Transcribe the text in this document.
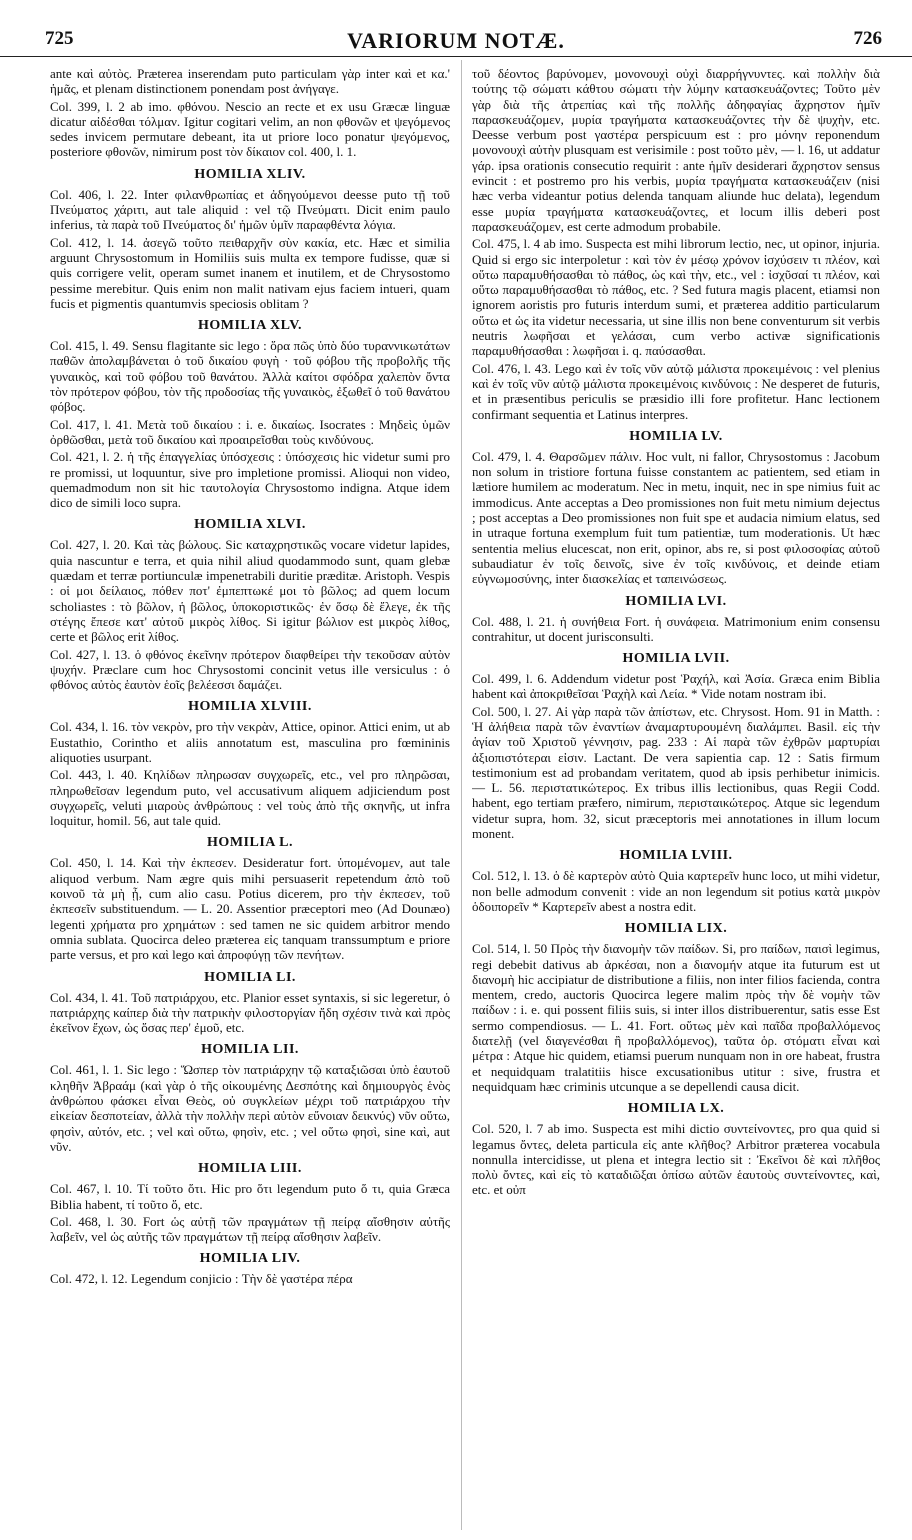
725	VARIORUM NOTÆ.	726

ante καὶ αὐτὸς. Præterea inserendam puto particulam γὰρ inter καὶ et κα.' ἡμᾶς, et plenam distinctionem ponendam post ἀνήγαγε.

Col. 399, l. 2 ab imo. φθόνου. Nescio an recte et ex usu Græcæ linguæ dicatur αἰδέσθαι τόλμαν. Igitur cogitari velim, an non φθονῶν et ψεγόμενος sedes invicem permutare debeant, ita ut priore loco ponatur ψεγόμενος, posteriore φθονῶν, nimirum post τὸν δίκαιον col. 400, l. 1.

HOMILIA XLIV.

Col. 406, l. 22. Inter φιλανθρωπίας et ἀδηγούμενοι deesse puto τῇ τοῦ Πνεύματος χάριτι, aut tale aliquid : vel τῷ Πνεύματι. Dicit enim paulo inferius, τὰ παρὰ τοῦ Πνεύματος δι' ἡμῶν ὑμῖν παραφθέντα λόγια.

Col. 412, l. 14. ἀσεγῶ τοῦτο πειθαρχῆν σὺν κακία, etc. Hæc et similia arguunt Chrysostomum in Homiliis suis multa ex tempore fudisse, quæ si quis corrigere velit, operam sumet inanem et inutilem, et de Chrysostomo pessime merebitur. Quis enim non malit nativam ejus faciem intueri, quam fucis et pigmentis quantumvis speciosis oblitam ?

HOMILIA XLV.

Col. 415, l. 49. Sensu flagitante sic lego : ὅρα πῶς ὑπὸ δύο τυραννικωτάτων παθῶν ἀπολαμβάνεται ὁ τοῦ δικαίου φυγὴ · τοῦ φόβου τῆς προβολῆς τῆς γυναικὸς, καὶ τοῦ φόβου τοῦ θανάτου. Ἀλλὰ καίτοι σφόδρα χαλεπὸν ὄντα τὸν πρότερον φόβου, τὸν τῆς προδοσίας τῆς γυναικὸς, ἐξωθεῖ ὁ τοῦ θανάτου φόβος.

Col. 417, l. 41. Μετὰ τοῦ δικαίου : i. e. δικαίως. Isocrates : Μηδεὶς ὑμῶν ὀρθῶσθαι, μετὰ τοῦ δικαίου καὶ προαιρεῖσθαι τοὺς κινδύνους.

Col. 421, l. 2. ἡ τῆς ἐπαγγελίας ὑπόσχεσις : ὑπόσχεσις hic videtur sumi pro re promissi, ut loquuntur, sive pro impletione promissi. Alioqui non video, quemadmodum non sit hic ταυτολογία Chrysostomo indigna. Atque idem dico de simili loco supra.

HOMILIA XLVI.

Col. 427, l. 20. Καὶ τὰς βώλους. Sic καταχρηστικῶς vocare videtur lapides, quia nascuntur e terra, et quia nihil aliud quodammodo sunt, quam glebæ quædam et terræ portiunculæ impenetrabili duritie præditæ. Aristoph. Vespis : οἱ μοι δείλαιος, πόθεν ποτ' ἐμπεπτωκέ μοι τὸ βῶλος; ad quem locum scholiastes : τὸ βῶλον, ἡ βῶλος, ὑποκοριστικῶς· ἐν ὅσῳ δὲ ἔλεγε, ἐκ τῆς στέγης ἔπεσε κατ' αὐτοῦ μικρὸς λίθος. Si igitur βώλιον est μικρὸς λίθος, certe et βῶλος erit λίθος.

Col. 427, l. 13. ὁ φθόνος ἐκεῖνην πρότερον διαφθείρει τὴν τεκοῦσαν αὐτὸν ψυχήν. Præclare cum hoc Chrysostomi concinit vetus ille versiculus : ὁ φθόνος αὐτὸς ἑαυτὸν ἑοῖς βελέεσσι δαμάζει.

HOMILIA XLVIII.

Col. 434, l. 16. τὸν νεκρὸν, pro τὴν νεκρὰν, Attice, opinor. Attici enim, ut ab Eustathio, Corintho et aliis annotatum est, masculina pro fœmininis aliquoties usurpant.

Col. 443, l. 40. Κηλίδων πληρωσαν συγχωρεῖς, etc., vel pro πληρῶσαι, πληρωθεῖσαν legendum puto, vel accusativum aliquem adjiciendum post συγχωρεῖς, veluti μιαροὺς ἀνθρώπους : vel τοὺς ἀπὸ τῆς σκηνῆς, ut infra loquitur, homil. 56, aut tale quid.

HOMILIA L.

Col. 450, l. 14. Καὶ τὴν ἐκπεσεν. Desideratur fort. ὑπομένομεν, aut tale aliquod verbum. Nam ægre quis mihi persuaserit repetendum ἀπὸ τοῦ κοινοῦ τὰ μὴ ᾖ, cum alio casu. Potius dicerem, pro τὴν ἐκπεσεν, τοῦ ἐκπεσεῖν substituendum. — L. 20. Assentior præceptori meo (Ad Dounæo) legenti χρήματα pro χρημάτων : sed tamen ne sic quidem arbitror mendo omnia sublata. Quocirca deleo præterea εἰς tanquam transsumptum e priore parte versus, et pro καὶ lego καὶ ἀπροφύγῃ τῶν πενήτων.

HOMILIA LI.

Col. 434, l. 41. Τοῦ πατριάρχου, etc. Planior esset syntaxis, si sic legeretur, ὁ πατριάρχης καίπερ διὰ τὴν πατρικὴν φιλοστοργίαν ἤδη σχέσιν τινὰ καὶ πρὸς ἐκεῖνον ἔχων, ὡς ὅσας περ' ἐμοῦ, etc.

HOMILIA LII.

Col. 461, l. 1. Sic lego : Ὥσπερ τὸν πατριάρχην τῷ καταξιῶσαι ὑπὸ ἑαυτοῦ κληθῆν Ἀβραάμ (καὶ γὰρ ὁ τῆς οἰκουμένης Δεσπότης καὶ δημιουργὸς ἑνὸς ἀνθρώπου φάσκει εἶναι Θεὸς, οὐ συγκλείων μέχρι τοῦ πατριάρχου τὴν εἰκείαν δεσποτείαν, ἀλλὰ τὴν πολλὴν περὶ αὐτὸν εὔνοιαν δεικνύς) νῦν οὕτω, φησὶν, αὐτόν, etc. ; vel καὶ οὕτω, φησὶν, etc. ; vel οὕτω φησὶ, sine καὶ, aut νῦν.

HOMILIA LIII.

Col. 467, l. 10. Τί τοῦτο ὅτι. Hic pro ὅτι legendum puto ὅ τι, quia Græca Biblia habent, τί τοῦτο ὅ, etc.

Col. 468, l. 30. Fort ὡς αὐτῇ τῶν πραγμάτων τῇ πείρᾳ αἴσθησιν αὐτῆς λαβεῖν, vel ὡς αὐτῆς τῶν πραγμάτων τῇ πείρᾳ αἴσθησιν λαβεῖν.

HOMILIA LIV.

Col. 472, l. 12. Legendum conjicio : Τὴν δὲ γαστέρα πέρα

τοῦ δέοντος βαρύνομεν, μονονουχὶ οὐχὶ διαρρήγνυντες. καὶ πολλὴν διὰ τούτης τῷ σώματι κάθτου σώματι τὴν λύμην κατασκευάζοντες; Τοῦτο μὲν γὰρ διὰ τῆς ἀτρεπίας καὶ τῆς πολλῆς ἀδηφαγίας ἄχρηστον ἡμῖν παρασκευάζομεν, μυρία τραγήματα κατασκευάζοντες τὴν δὲ ψυχὴν, etc. Deesse verbum post γαστέρα perspicuum est : pro μόνην reponendum μονονουχὶ αὐτὴν plusquam est verisimile : post τοῦτο μὲν, — l. 16, ut addatur γάρ. ipsa orationis consecutio requirit : ante ἡμῖν desiderari ἄχρηστον sensus evincit : et postremo pro his verbis, μυρία τραγήματα κατασκευάζειν (nisi hæc verba videantur potius delenda tanquam aliunde huc delata), legendum esse μυρία τραγήματα κατασκευάζοντες, et locum illis deberi post παρασκευάζομεν, est certe admodum probabile.

Col. 475, l. 4 ab imo. Suspecta est mihi librorum lectio, nec, ut opinor, injuria. Quid si ergo sic interpoletur : καὶ τὸν ἐν μέσῳ χρόνον ἰσχύσειν τι πλέον, καὶ οὕτω παραμυθήσασθαι τὸ πάθος, ὡς καὶ τὴν, etc., vel : ἰσχῦσαί τι πλέον, καὶ οὕτω παραμυθήσασθαι τὸ πάθος, etc. ? Sed futura magis placent, etiamsi non ignorem aoristis pro futuris interdum sumi, et præterea additio particularum οὕτω et ὡς ita videtur necessaria, ut sine illis non bene conventurum sit verbis neutris λωφῆσαι et γελάσαι, cum verbo activæ significationis παραμυθήσασθαι : λωφῆσαι i. q. παύσασθαι.

Col. 476, l. 43. Lego καὶ ἐν τοῖς νῦν αὐτῷ μάλιστα προκειμένοις : vel plenius καὶ ἐν τοῖς νῦν αὐτῷ μάλιστα προκειμένοις κινδύνοις : Ne desperet de futuris, et in præsentibus periculis se præsidio illi fore profitetur. Hanc lectionem confirmant sequentia et Latinus interpres.

HOMILIA LV.

Col. 479, l. 4. Θαρσῶμεν πάλιν. Hoc vult, ni fallor, Chrysostomus : Jacobum non solum in tristiore fortuna fuisse constantem ac patientem, sed etiam in lætiore humilem ac moderatum. Nec in metu, inquit, nec in spe nimius fuit ac immodicus. Ante acceptas a Deo promissiones non fuit metu nimium dejectus ; post acceptas a Deo promissiones non fuit spe et audacia nimium elatus, sed in utraque fortuna exemplum fuit tum patientiæ, tum moderationis. Ut hæc sententia melius elucescat, non erit, opinor, abs re, si post φιλοσοφίας αὐτοῦ subaudiatur ἐν τοῖς δεινοῖς, sive ἐν τοῖς κινδύνοις, et deinde etiam εὐγνωμοσύνης, inter διασκελίας et ταπεινώσεως.

HOMILIA LVI.

Col. 488, l. 21. ἡ συνήθεια Fort. ἡ συνάφεια. Matrimonium enim consensu contrahitur, ut docent jurisconsulti.

HOMILIA LVII.

Col. 499, l. 6. Addendum videtur post Ῥαχήλ, καὶ Ἀσία. Græca enim Biblia habent καὶ ἀποκριθεῖσαι Ῥαχὴλ καὶ Λεία. * Vide notam nostram ibi.

Col. 500, l. 27. Αἱ γὰρ παρὰ τῶν ἀπίστων, etc. Chrysost. Hom. 91 in Matth. : Ἡ ἀλήθεια παρὰ τῶν ἐναντίων ἀναμαρτυρουμένη διαλάμπει. Basil. εἰς τὴν ἁγίαν τοῦ Χριστοῦ γέννησιν, pag. 233 : Αἱ παρὰ τῶν ἐχθρῶν μαρτυρίαι ἀξιοπιστότεραι εἰσιν. Lactant. De vera sapientia cap. 12 : Satis firmum testimonium est ad probandam veritatem, quod ab ipsis perhibetur inimicis. — L. 56. περιστατικώτερος. Ex tribus illis lectionibus, quas Regii Codd. habent, ego tertiam præfero, nimirum, περισταικώτερος. Atque sic legendum videtur supra, hom. 32, sicut præceptoris mei annotationes in illum locum monent.

HOMILIA LVIII.

Col. 512, l. 13. ὁ δὲ καρτερὸν αὐτὸ Quia καρτερεῖν hunc loco, ut mihi videtur, non belle admodum convenit : vide an non legendum sit potius κατὰ μικρὸν ὁδοιπορεῖν * Καρτερεῖν abest a nostra edit.

HOMILIA LIX.

Col. 514, l. 50 Πρὸς τὴν διανομὴν τῶν παίδων. Si, pro παίδων, παισὶ legimus, regi debebit dativus ab ἀρκέσαι, non a διανομήν atque ita futurum est ut διανομὴ hic accipiatur de distributione a filiis, non inter filios facienda, contra mentem, credo, auctoris Quocirca legere malim πρὸς τὴν δὲ νομὴν τῶν παίδων : i. e. qui possent filiis suis, si inter illos distribuerentur, satis esse Est sermo compendiosus. — L. 41. Fort. οὕτως μὲν καὶ παῖδα προβαλλόμενος διατελῇ (vel διαγενέσθαι ἢ προβαλλόμενος), ταῦτα ὁρ. στόματι εἶναι καὶ μέτρα : Atque hic quidem, etiamsi puerum nunquam non in ore habeat, frustra et nequidquam tralatitiis hisce excusationibus utitur : sive, frustra et nequidquam hæc criminis utcunque a se depellendi causa dicit.

HOMILIA LX.

Col. 520, l. 7 ab imo. Suspecta est mihi dictio συντείνοντες, pro qua quid si legamus ὄντες, deleta particula εἰς ante κλῆθος? Arbitror præterea vocabula nonnulla intercidisse, ut plena et integra lectio sit : Ἐκεῖνοι δὲ καὶ πλῆθος πολὺ ὄντες, καὶ εἰς τὸ καταδιῶξαι ὁπίσω αὐτῶν ἑαυτοὺς συντείνοντες, καὶ, etc. et οὐπ
